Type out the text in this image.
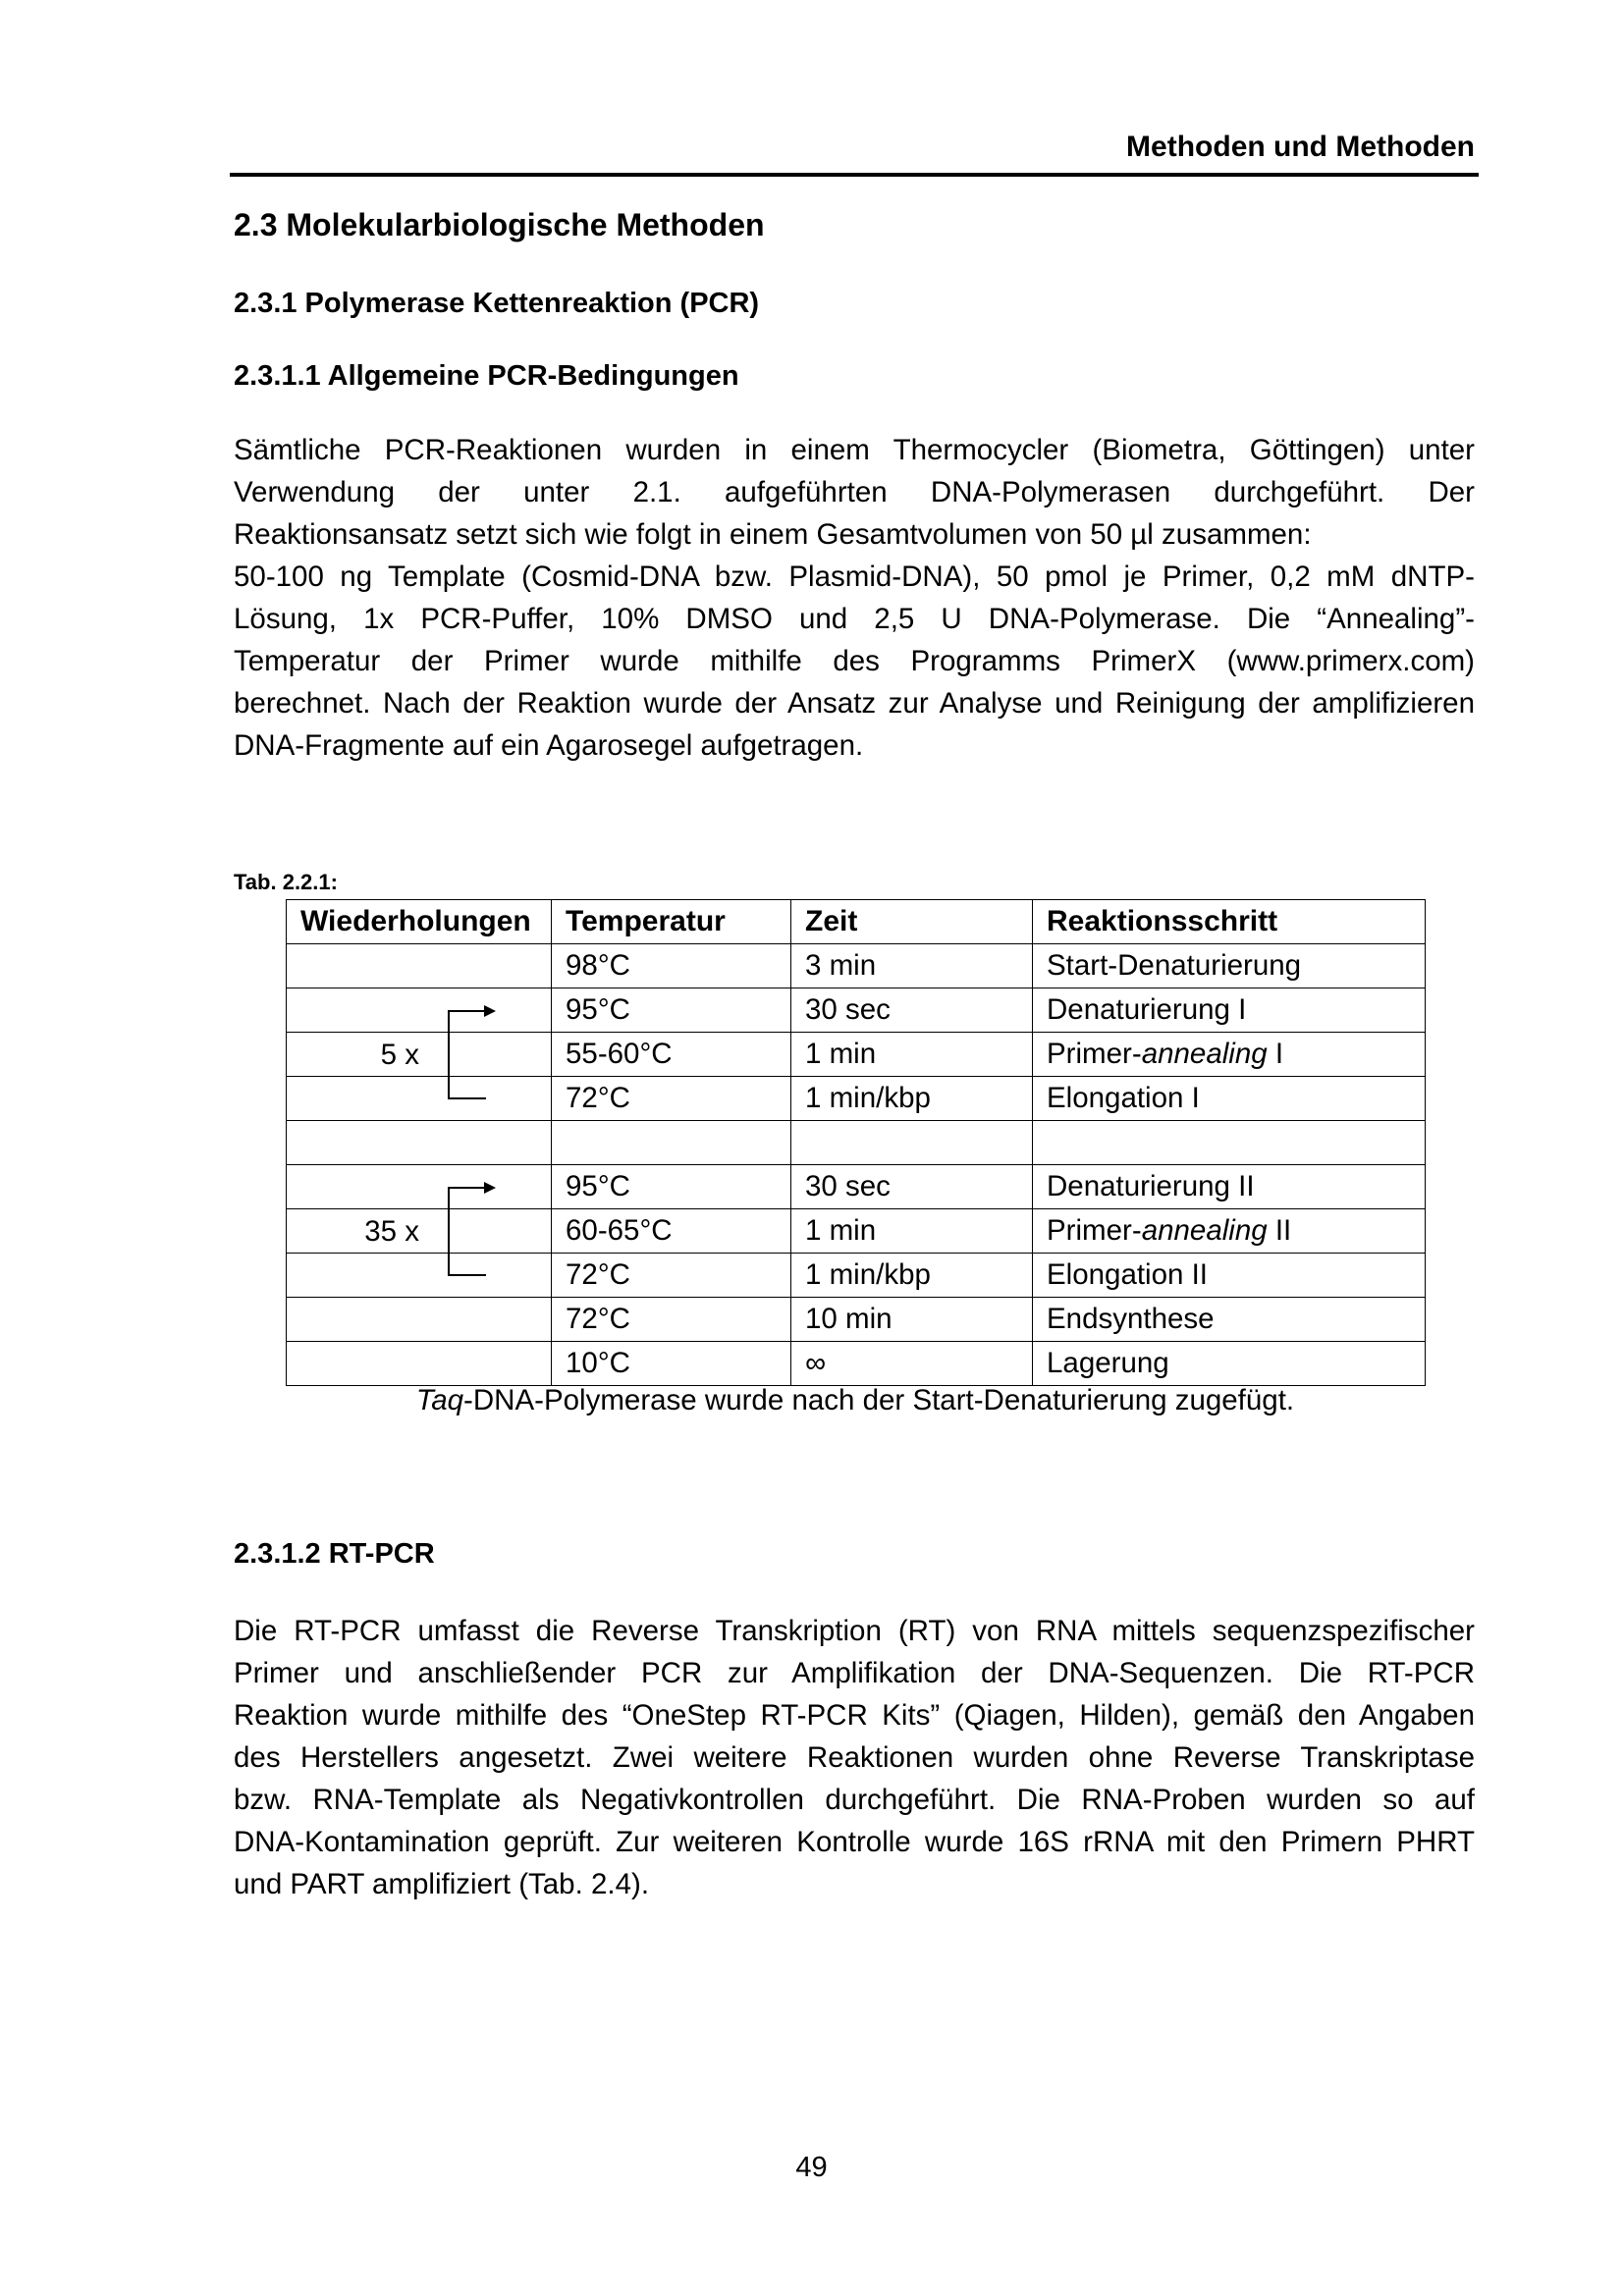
Methoden und Methoden
2.3 Molekularbiologische Methoden
2.3.1 Polymerase Kettenreaktion (PCR)
2.3.1.1 Allgemeine PCR-Bedingungen

Sämtliche PCR-Reaktionen wurden in einem Thermocycler (Biometra, Göttingen) unter
Verwendung der unter 2.1. aufgeführten DNA-Polymerasen durchgeführt. Der
Reaktionsansatz setzt sich wie folgt in einem Gesamtvolumen von 50 µl zusammen:
50-100 ng Template (Cosmid-DNA bzw. Plasmid-DNA), 50 pmol je Primer, 0,2 mM dNTP-
Lösung, 1x PCR-Puffer, 10% DMSO und 2,5 U DNA-Polymerase. Die “Annealing”-
Temperatur der Primer wurde mithilfe des Programms PrimerX (www.primerx.com)
berechnet. Nach der Reaktion wurde der Ansatz zur Analyse und Reinigung der amplifizieren
DNA-Fragmente auf ein Agarosegel aufgetragen.

Tab. 2.2.1:
Wiederholungen	Temperatur	Zeit	Reaktionsschritt

	98°C	3 min	Start-Denaturierung

	95°C	30 sec	Denaturierung I

5 x	55-60°C	1 min	Primer-annealing I

	72°C	1 min/kbp	Elongation I

	95°C	30 sec	Denaturierung II

35 x	60-65°C	1 min	Primer-annealing II

	72°C	1 min/kbp	Elongation II

	72°C	10 min	Endsynthese

	10°C	∞	Lagerung
Taq-DNA-Polymerase wurde nach der Start-Denaturierung zugefügt.
2.3.1.2 RT-PCR

Die RT-PCR umfasst die Reverse Transkription (RT) von RNA mittels sequenzspezifischer
Primer und anschließender PCR zur Amplifikation der DNA-Sequenzen. Die RT-PCR
Reaktion wurde mithilfe des “OneStep RT-PCR Kits” (Qiagen, Hilden), gemäß den Angaben
des Herstellers angesetzt. Zwei weitere Reaktionen wurden ohne Reverse Transkriptase
bzw. RNA-Template als Negativkontrollen durchgeführt. Die RNA-Proben wurden so auf
DNA-Kontamination geprüft. Zur weiteren Kontrolle wurde 16S rRNA mit den Primern PHRT
und PART amplifiziert (Tab. 2.4).

49
